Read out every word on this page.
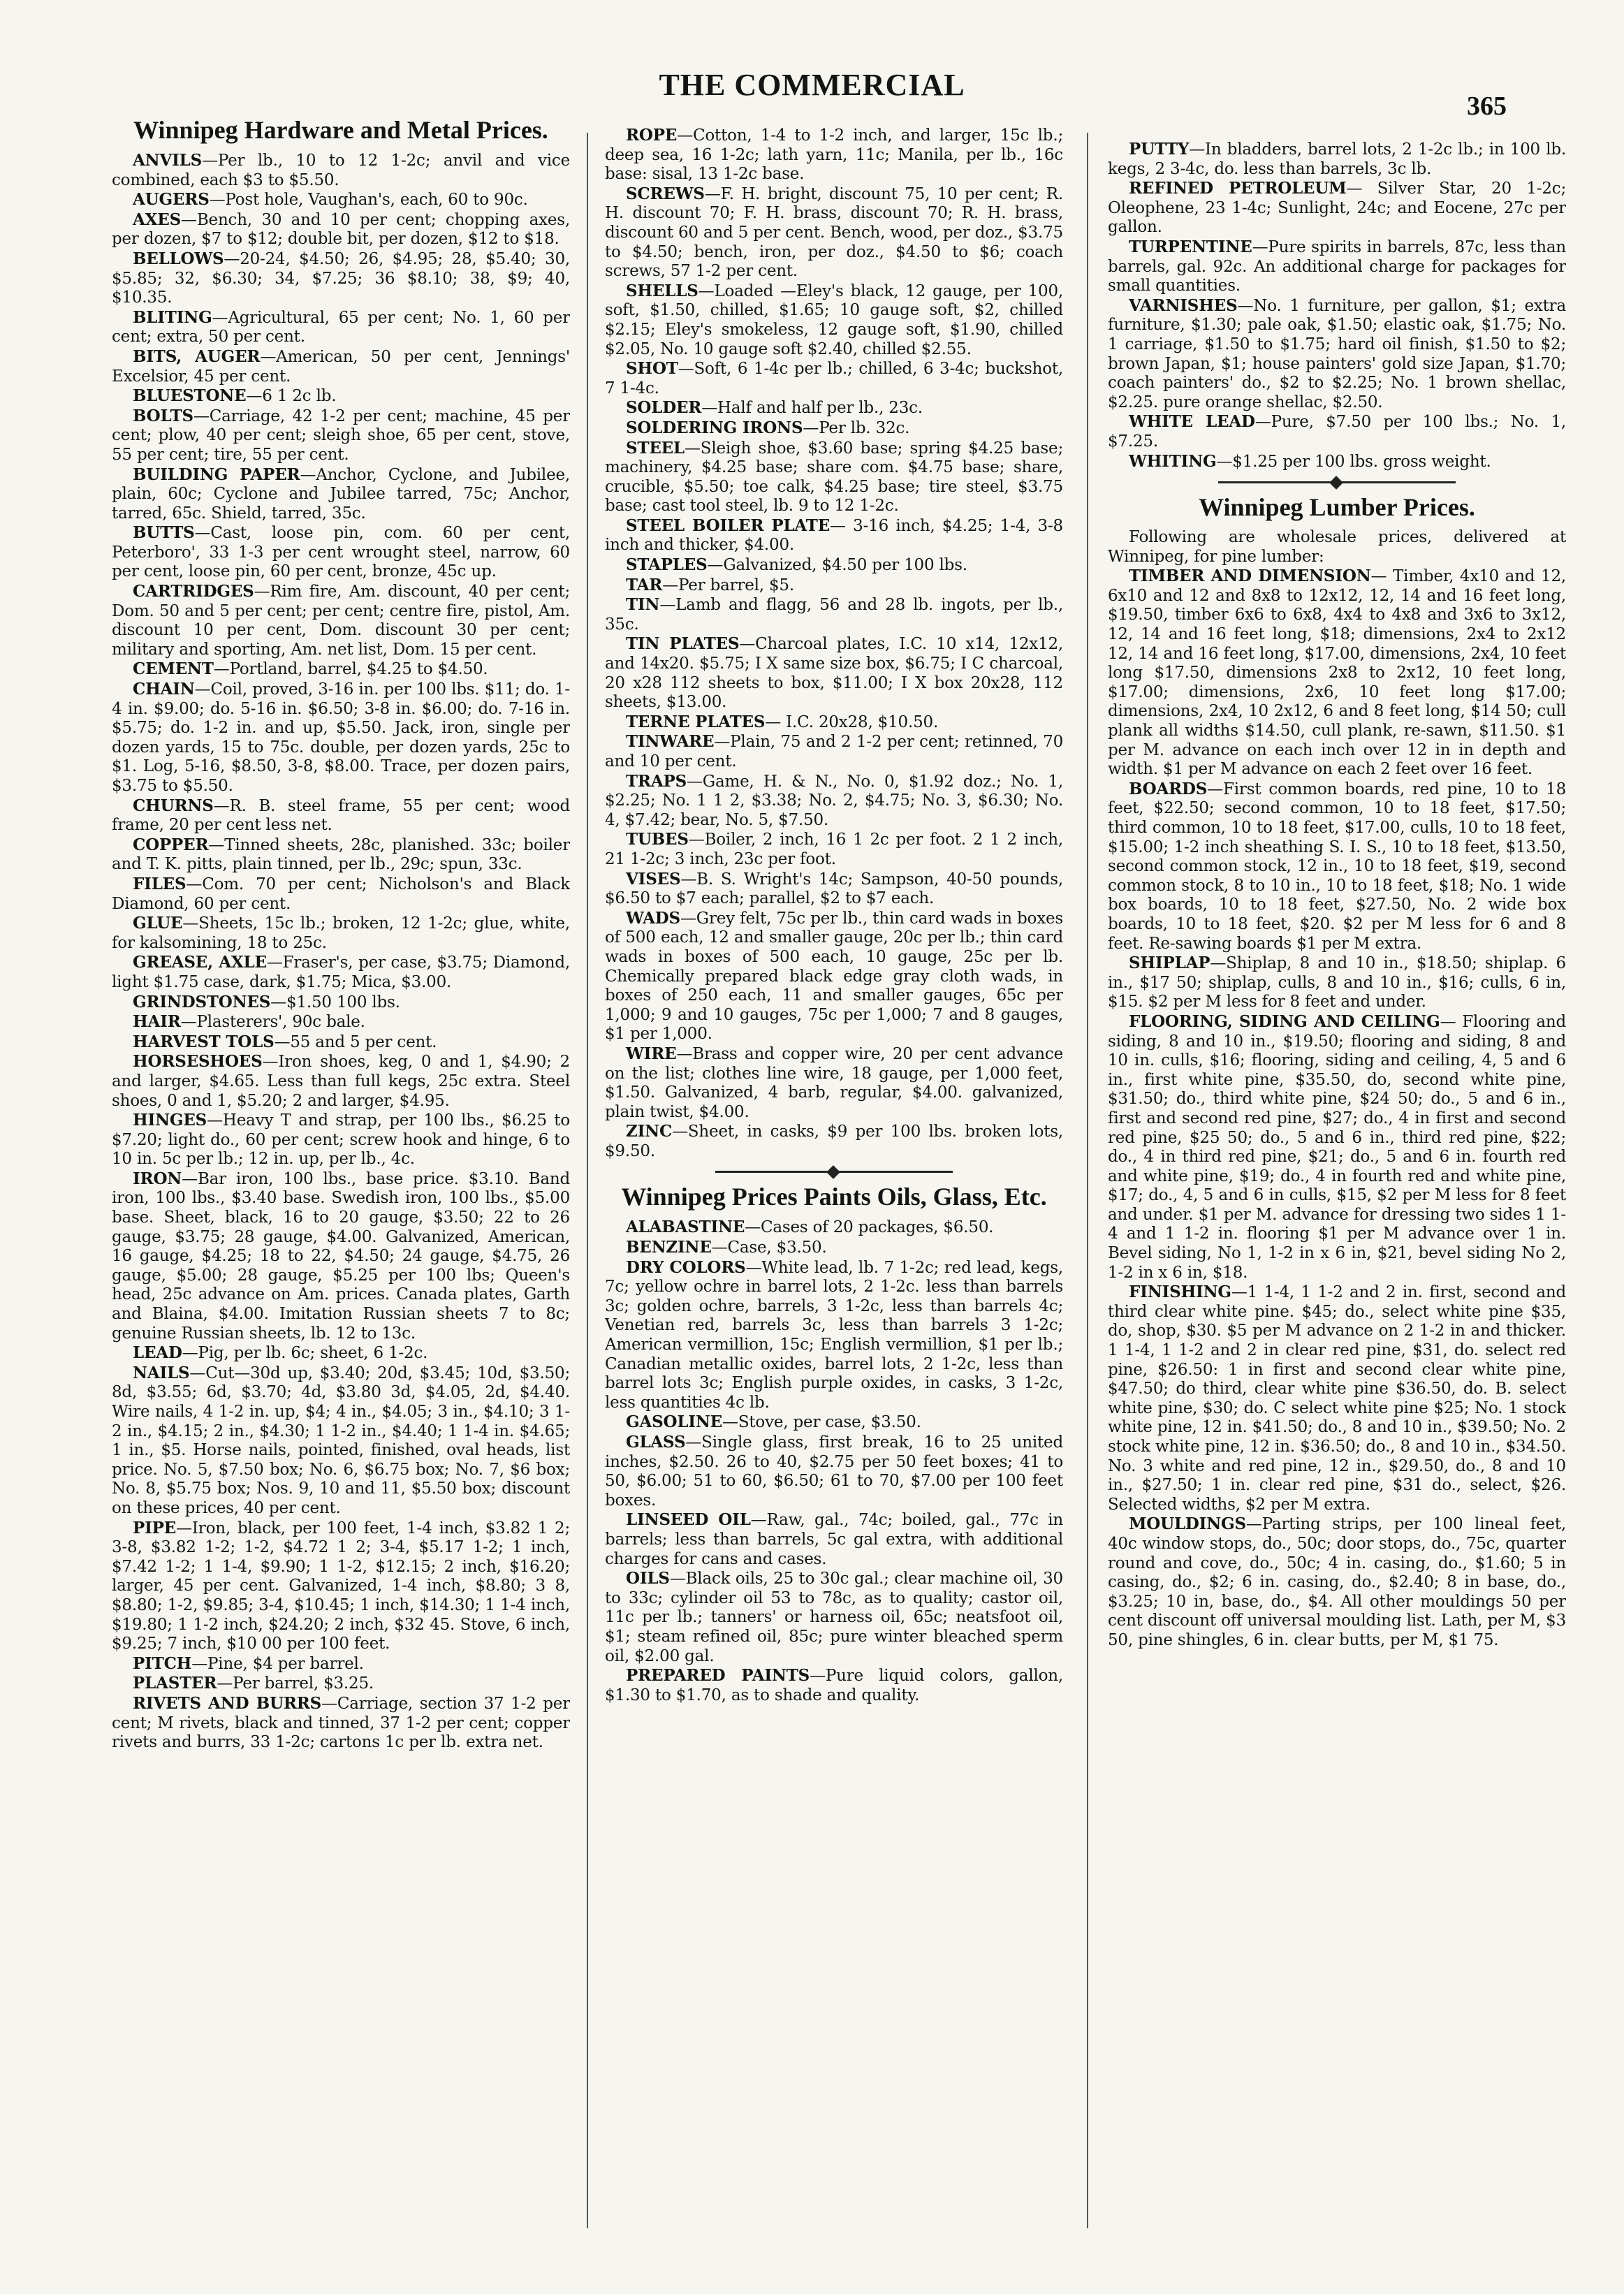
THE COMMERCIAL
365
Winnipeg Hardware and Metal Prices.

ANVILS—Per lb., 10 to 12 1-2c; anvil and vice combined, each $3 to $5.50.

AUGERS—Post hole, Vaughan's, each, 60 to 90c.

AXES—Bench, 30 and 10 per cent; chopping axes, per dozen, $7 to $12; double bit, per dozen, $12 to $18.

BELLOWS—20-24, $4.50; 26, $4.95; 28, $5.40; 30, $5.85; 32, $6.30; 34, $7.25; 36 $8.10; 38, $9; 40, $10.35.

BLITING—Agricultural, 65 per cent; No. 1, 60 per cent; extra, 50 per cent.

BITS, AUGER—American, 50 per cent, Jennings' Excelsior, 45 per cent.

BLUESTONE—6 1 2c lb.

BOLTS—Carriage, 42 1-2 per cent; machine, 45 per cent; plow, 40 per cent; sleigh shoe, 65 per cent, stove, 55 per cent; tire, 55 per cent.

BUILDING PAPER—Anchor, Cyclone, and Jubilee, plain, 60c; Cyclone and Jubilee tarred, 75c; Anchor, tarred, 65c. Shield, tarred, 35c.

BUTTS—Cast, loose pin, com. 60 per cent, Peterboro', 33 1-3 per cent wrought steel, narrow, 60 per cent, loose pin, 60 per cent, bronze, 45c up.

CARTRIDGES—Rim fire, Am. discount, 40 per cent; Dom. 50 and 5 per cent; per cent; centre fire, pistol, Am. discount 10 per cent, Dom. discount 30 per cent; military and sporting, Am. net list, Dom. 15 per cent.

CEMENT—Portland, barrel, $4.25 to $4.50.

CHAIN—Coil, proved, 3-16 in. per 100 lbs. $11; do. 1-4 in. $9.00; do. 5-16 in. $6.50; 3-8 in. $6.00; do. 7-16 in. $5.75; do. 1-2 in. and up, $5.50. Jack, iron, single per dozen yards, 15 to 75c. double, per dozen yards, 25c to $1. Log, 5-16, $8.50, 3-8, $8.00. Trace, per dozen pairs, $3.75 to $5.50.

CHURNS—R. B. steel frame, 55 per cent; wood frame, 20 per cent less net.

COPPER—Tinned sheets, 28c, planished. 33c; boiler and T. K. pitts, plain tinned, per lb., 29c; spun, 33c.

FILES—Com. 70 per cent; Nicholson's and Black Diamond, 60 per cent.

GLUE—Sheets, 15c lb.; broken, 12 1-2c; glue, white, for kalsomining, 18 to 25c.

GREASE, AXLE—Fraser's, per case, $3.75; Diamond, light $1.75 case, dark, $1.75; Mica, $3.00.

GRINDSTONES—$1.50 100 lbs.

HAIR—Plasterers', 90c bale.

HARVEST TOLS—55 and 5 per cent.

HORSESHOES—Iron shoes, keg, 0 and 1, $4.90; 2 and larger, $4.65. Less than full kegs, 25c extra. Steel shoes, 0 and 1, $5.20; 2 and larger, $4.95.

HINGES—Heavy T and strap, per 100 lbs., $6.25 to $7.20; light do., 60 per cent; screw hook and hinge, 6 to 10 in. 5c per lb.; 12 in. up, per lb., 4c.

IRON—Bar iron, 100 lbs., base price. $3.10. Band iron, 100 lbs., $3.40 base. Swedish iron, 100 lbs., $5.00 base. Sheet, black, 16 to 20 gauge, $3.50; 22 to 26 gauge, $3.75; 28 gauge, $4.00. Galvanized, American, 16 gauge, $4.25; 18 to 22, $4.50; 24 gauge, $4.75, 26 gauge, $5.00; 28 gauge, $5.25 per 100 lbs; Queen's head, 25c advance on Am. prices. Canada plates, Garth and Blaina, $4.00. Imitation Russian sheets 7 to 8c; genuine Russian sheets, lb. 12 to 13c.

LEAD—Pig, per lb. 6c; sheet, 6 1-2c.

NAILS—Cut—30d up, $3.40; 20d, $3.45; 10d, $3.50; 8d, $3.55; 6d, $3.70; 4d, $3.80 3d, $4.05, 2d, $4.40. Wire nails, 4 1-2 in. up, $4; 4 in., $4.05; 3 in., $4.10; 3 1-2 in., $4.15; 2 in., $4.30; 1 1-2 in., $4.40; 1 1-4 in. $4.65; 1 in., $5. Horse nails, pointed, finished, oval heads, list price. No. 5, $7.50 box; No. 6, $6.75 box; No. 7, $6 box; No. 8, $5.75 box; Nos. 9, 10 and 11, $5.50 box; discount on these prices, 40 per cent.

PIPE—Iron, black, per 100 feet, 1-4 inch, $3.82 1 2; 3-8, $3.82 1-2; 1-2, $4.72 1 2; 3-4, $5.17 1-2; 1 inch, $7.42 1-2; 1 1-4, $9.90; 1 1-2, $12.15; 2 inch, $16.20; larger, 45 per cent. Galvanized, 1-4 inch, $8.80; 3 8, $8.80; 1-2, $9.85; 3-4, $10.45; 1 inch, $14.30; 1 1-4 inch, $19.80; 1 1-2 inch, $24.20; 2 inch, $32 45. Stove, 6 inch, $9.25; 7 inch, $10 00 per 100 feet.

PITCH—Pine, $4 per barrel.

PLASTER—Per barrel, $3.25.

RIVETS AND BURRS—Carriage, section 37 1-2 per cent; M rivets, black and tinned, 37 1-2 per cent; copper rivets and burrs, 33 1-2c; cartons 1c per lb. extra net.

ROPE—Cotton, 1-4 to 1-2 inch, and larger, 15c lb.; deep sea, 16 1-2c; lath yarn, 11c; Manila, per lb., 16c base: sisal, 13 1-2c base.

SCREWS—F. H. bright, discount 75, 10 per cent; R. H. discount 70; F. H. brass, discount 70; R. H. brass, discount 60 and 5 per cent. Bench, wood, per doz., $3.75 to $4.50; bench, iron, per doz., $4.50 to $6; coach screws, 57 1-2 per cent.

SHELLS—Loaded —Eley's black, 12 gauge, per 100, soft, $1.50, chilled, $1.65; 10 gauge soft, $2, chilled $2.15; Eley's smokeless, 12 gauge soft, $1.90, chilled $2.05, No. 10 gauge soft $2.40, chilled $2.55.

SHOT—Soft, 6 1-4c per lb.; chilled, 6 3-4c; buckshot, 7 1-4c.

SOLDER—Half and half per lb., 23c.

SOLDERING IRONS—Per lb. 32c.

STEEL—Sleigh shoe, $3.60 base; spring $4.25 base; machinery, $4.25 base; share com. $4.75 base; share, crucible, $5.50; toe calk, $4.25 base; tire steel, $3.75 base; cast tool steel, lb. 9 to 12 1-2c.

STEEL BOILER PLATE— 3-16 inch, $4.25; 1-4, 3-8 inch and thicker, $4.00.

STAPLES—Galvanized, $4.50 per 100 lbs.

TAR—Per barrel, $5.

TIN—Lamb and flagg, 56 and 28 lb. ingots, per lb., 35c.

TIN PLATES—Charcoal plates, I.C. 10 x14, 12x12, and 14x20. $5.75; I X same size box, $6.75; I C charcoal, 20 x28 112 sheets to box, $11.00; I X box 20x28, 112 sheets, $13.00.

TERNE PLATES— I.C. 20x28, $10.50.

TINWARE—Plain, 75 and 2 1-2 per cent; retinned, 70 and 10 per cent.

TRAPS—Game, H. & N., No. 0, $1.92 doz.; No. 1, $2.25; No. 1 1 2, $3.38; No. 2, $4.75; No. 3, $6.30; No. 4, $7.42; bear, No. 5, $7.50.

TUBES—Boiler, 2 inch, 16 1 2c per foot. 2 1 2 inch, 21 1-2c; 3 inch, 23c per foot.

VISES—B. S. Wright's 14c; Sampson, 40-50 pounds, $6.50 to $7 each; parallel, $2 to $7 each.

WADS—Grey felt, 75c per lb., thin card wads in boxes of 500 each, 12 and smaller gauge, 20c per lb.; thin card wads in boxes of 500 each, 10 gauge, 25c per lb. Chemically prepared black edge gray cloth wads, in boxes of 250 each, 11 and smaller gauges, 65c per 1,000; 9 and 10 gauges, 75c per 1,000; 7 and 8 gauges, $1 per 1,000.

WIRE—Brass and copper wire, 20 per cent advance on the list; clothes line wire, 18 gauge, per 1,000 feet, $1.50. Galvanized, 4 barb, regular, $4.00. galvanized, plain twist, $4.00.

ZINC—Sheet, in casks, $9 per 100 lbs. broken lots, $9.50.

Winnipeg Prices Paints Oils, Glass, Etc.

ALABASTINE—Cases of 20 packages, $6.50.

BENZINE—Case, $3.50.

DRY COLORS—White lead, lb. 7 1-2c; red lead, kegs, 7c; yellow ochre in barrel lots, 2 1-2c. less than barrels 3c; golden ochre, barrels, 3 1-2c, less than barrels 4c; Venetian red, barrels 3c, less than barrels 3 1-2c; American vermillion, 15c; English vermillion, $1 per lb.; Canadian metallic oxides, barrel lots, 2 1-2c, less than barrel lots 3c; English purple oxides, in casks, 3 1-2c, less quantities 4c lb.

GASOLINE—Stove, per case, $3.50.

GLASS—Single glass, first break, 16 to 25 united inches, $2.50. 26 to 40, $2.75 per 50 feet boxes; 41 to 50, $6.00; 51 to 60, $6.50; 61 to 70, $7.00 per 100 feet boxes.

LINSEED OIL—Raw, gal., 74c; boiled, gal., 77c in barrels; less than barrels, 5c gal extra, with additional charges for cans and cases.

OILS—Black oils, 25 to 30c gal.; clear machine oil, 30 to 33c; cylinder oil 53 to 78c, as to quality; castor oil, 11c per lb.; tanners' or harness oil, 65c; neatsfoot oil, $1; steam refined oil, 85c; pure winter bleached sperm oil, $2.00 gal.

PREPARED PAINTS—Pure liquid colors, gallon, $1.30 to $1.70, as to shade and quality.

PUTTY—In bladders, barrel lots, 2 1-2c lb.; in 100 lb. kegs, 2 3-4c, do. less than barrels, 3c lb.

REFINED PETROLEUM— Silver Star, 20 1-2c; Oleophene, 23 1-4c; Sunlight, 24c; and Eocene, 27c per gallon.

TURPENTINE—Pure spirits in barrels, 87c, less than barrels, gal. 92c. An additional charge for packages for small quantities.

VARNISHES—No. 1 furniture, per gallon, $1; extra furniture, $1.30; pale oak, $1.50; elastic oak, $1.75; No. 1 carriage, $1.50 to $1.75; hard oil finish, $1.50 to $2; brown Japan, $1; house painters' gold size Japan, $1.70; coach painters' do., $2 to $2.25; No. 1 brown shellac, $2.25. pure orange shellac, $2.50.

WHITE LEAD—Pure, $7.50 per 100 lbs.; No. 1, $7.25.

WHITING—$1.25 per 100 lbs. gross weight.

Winnipeg Lumber Prices.

Following are wholesale prices, delivered at Winnipeg, for pine lumber:

TIMBER AND DIMENSION— Timber, 4x10 and 12, 6x10 and 12 and 8x8 to 12x12, 12, 14 and 16 feet long, $19.50, timber 6x6 to 6x8, 4x4 to 4x8 and 3x6 to 3x12, 12, 14 and 16 feet long, $18; dimensions, 2x4 to 2x12 12, 14 and 16 feet long, $17.00, dimensions, 2x4, 10 feet long $17.50, dimensions 2x8 to 2x12, 10 feet long, $17.00; dimensions, 2x6, 10 feet long $17.00; dimensions, 2x4, 10 2x12, 6 and 8 feet long, $14 50; cull plank all widths $14.50, cull plank, re-sawn, $11.50. $1 per M. advance on each inch over 12 in in depth and width. $1 per M advance on each 2 feet over 16 feet.

BOARDS—First common boards, red pine, 10 to 18 feet, $22.50; second common, 10 to 18 feet, $17.50; third common, 10 to 18 feet, $17.00, culls, 10 to 18 feet, $15.00; 1-2 inch sheathing S. I. S., 10 to 18 feet, $13.50, second common stock, 12 in., 10 to 18 feet, $19, second common stock, 8 to 10 in., 10 to 18 feet, $18; No. 1 wide box boards, 10 to 18 feet, $27.50, No. 2 wide box boards, 10 to 18 feet, $20. $2 per M less for 6 and 8 feet. Re-sawing boards $1 per M extra.

SHIPLAP—Shiplap, 8 and 10 in., $18.50; shiplap. 6 in., $17 50; shiplap, culls, 8 and 10 in., $16; culls, 6 in, $15. $2 per M less for 8 feet and under.

FLOORING, SIDING AND CEILING— Flooring and siding, 8 and 10 in., $19.50; flooring and siding, 8 and 10 in. culls, $16; flooring, siding and ceiling, 4, 5 and 6 in., first white pine, $35.50, do, second white pine, $31.50; do., third white pine, $24 50; do., 5 and 6 in., first and second red pine, $27; do., 4 in first and second red pine, $25 50; do., 5 and 6 in., third red pine, $22; do., 4 in third red pine, $21; do., 5 and 6 in. fourth red and white pine, $19; do., 4 in fourth red and white pine, $17; do., 4, 5 and 6 in culls, $15, $2 per M less for 8 feet and under. $1 per M. advance for dressing two sides 1 1-4 and 1 1-2 in. flooring $1 per M advance over 1 in. Bevel siding, No 1, 1-2 in x 6 in, $21, bevel siding No 2, 1-2 in x 6 in, $18.

FINISHING—1 1-4, 1 1-2 and 2 in. first, second and third clear white pine. $45; do., select white pine $35, do, shop, $30. $5 per M advance on 2 1-2 in and thicker. 1 1-4, 1 1-2 and 2 in clear red pine, $31, do. select red pine, $26.50: 1 in first and second clear white pine, $47.50; do third, clear white pine $36.50, do. B. select white pine, $30; do. C select white pine $25; No. 1 stock white pine, 12 in. $41.50; do., 8 and 10 in., $39.50; No. 2 stock white pine, 12 in. $36.50; do., 8 and 10 in., $34.50. No. 3 white and red pine, 12 in., $29.50, do., 8 and 10 in., $27.50; 1 in. clear red pine, $31 do., select, $26. Selected widths, $2 per M extra.

MOULDINGS—Parting strips, per 100 lineal feet, 40c window stops, do., 50c; door stops, do., 75c, quarter round and cove, do., 50c; 4 in. casing, do., $1.60; 5 in casing, do., $2; 6 in. casing, do., $2.40; 8 in base, do., $3.25; 10 in, base, do., $4. All other mouldings 50 per cent discount off universal moulding list. Lath, per M, $3 50, pine shingles, 6 in. clear butts, per M, $1 75.
